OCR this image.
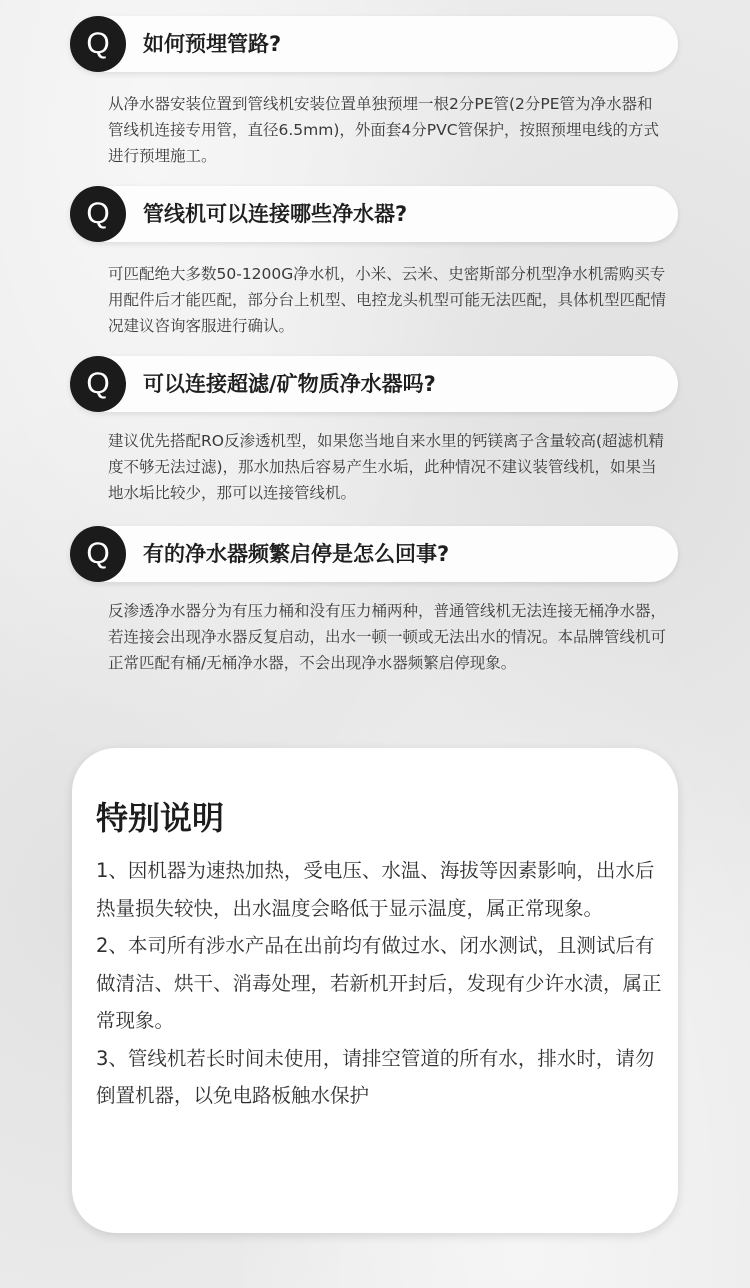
Q	如何预埋管路?
从净水器安装位置到管线机安装位置单独预埋一根2分PE管(2分PE管为净水器和管线机连接专用管，直径6.5mm)，外面套4分PVC管保护，按照预埋电线的方式进行预埋施工。
Q	管线机可以连接哪些净水器?
可匹配绝大多数50-1200G净水机，小米、云米、史密斯部分机型净水机需购买专用配件后才能匹配，部分台上机型、电控龙头机型可能无法匹配，具体机型匹配情况建议咨询客服进行确认。
Q	可以连接超滤/矿物质净水器吗?
建议优先搭配RO反渗透机型，如果您当地自来水里的钙镁离子含量较高(超滤机精度不够无法过滤)，那水加热后容易产生水垢，此种情况不建议装管线机，如果当地水垢比较少，那可以连接管线机。
Q	有的净水器频繁启停是怎么回事?
反渗透净水器分为有压力桶和没有压力桶两种，普通管线机无法连接无桶净水器，若连接会出现净水器反复启动，出水一顿一顿或无法出水的情况。本品牌管线机可正常匹配有桶/无桶净水器，不会出现净水器频繁启停现象。
特别说明

1、因机器为速热加热，受电压、水温、海拔等因素影响，出水后热量损失较快，出水温度会略低于显示温度，属正常现象。

2、本司所有涉水产品在出前均有做过水、闭水测试，且测试后有做清洁、烘干、消毒处理，若新机开封后，发现有少许水渍，属正常现象。

3、管线机若长时间未使用，请排空管道的所有水，排水时，请勿倒置机器，以免电路板触水保护
